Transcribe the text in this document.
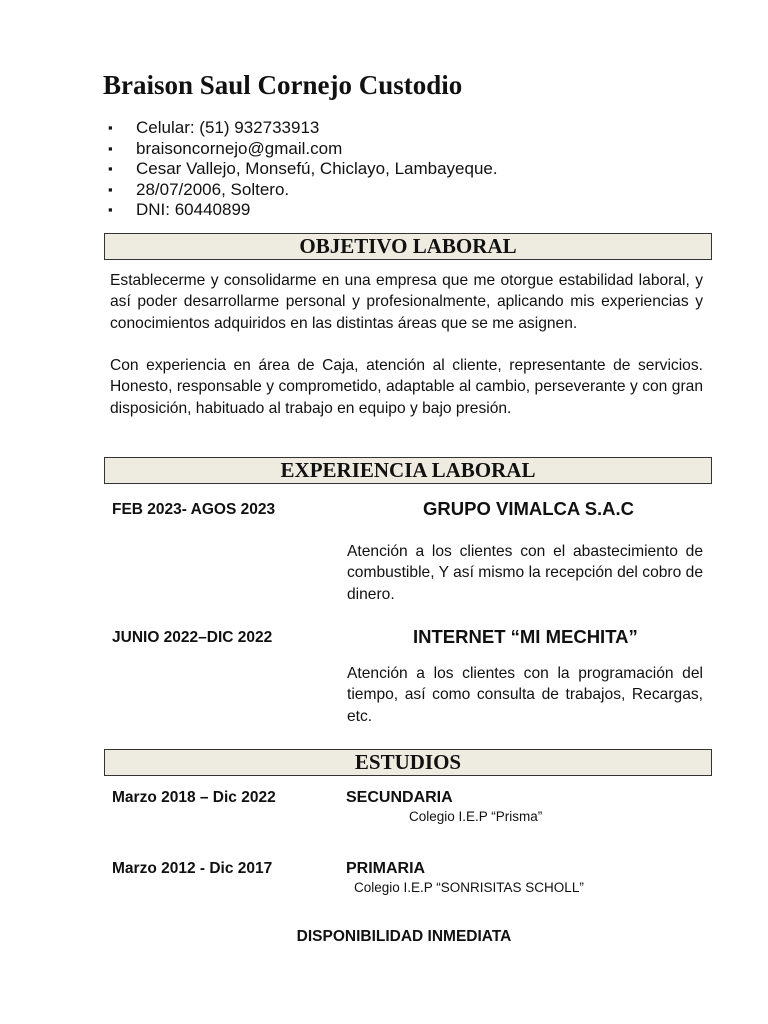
Braison Saul Cornejo Custodio
▪	Celular: (51) 932733913
▪	braisoncornejo@gmail.com
▪	Cesar Vallejo, Monsefú, Chiclayo, Lambayeque.
▪	28/07/2006, Soltero.
▪	DNI: 60440899
OBJETIVO LABORAL

Establecerme y consolidarme en una empresa que me otorgue estabilidad laboral, y así poder desarrollarme personal y profesionalmente, aplicando mis experiencias y conocimientos adquiridos en las distintas áreas que se me asignen.

Con experiencia en área de Caja, atención al cliente, representante de servicios. Honesto, responsable y comprometido, adaptable al cambio, perseverante y con gran disposición, habituado al trabajo en equipo y bajo presión.

EXPERIENCIA LABORAL

FEB 2023- AGOS 2023	GRUPO VIMALCA S.A.C

Atención a los clientes con el abastecimiento de combustible, Y así mismo la recepción del cobro de dinero.

JUNIO 2022–DIC 2022	INTERNET “MI MECHITA”

Atención a los clientes con la programación del tiempo, así como consulta de trabajos, Recargas, etc.

ESTUDIOS

Marzo 2018 – Dic 2022	SECUNDARIA

Colegio I.E.P “Prisma”

Marzo 2012 - Dic 2017	PRIMARIA

Colegio I.E.P “SONRISITAS SCHOLL”

DISPONIBILIDAD INMEDIATA
